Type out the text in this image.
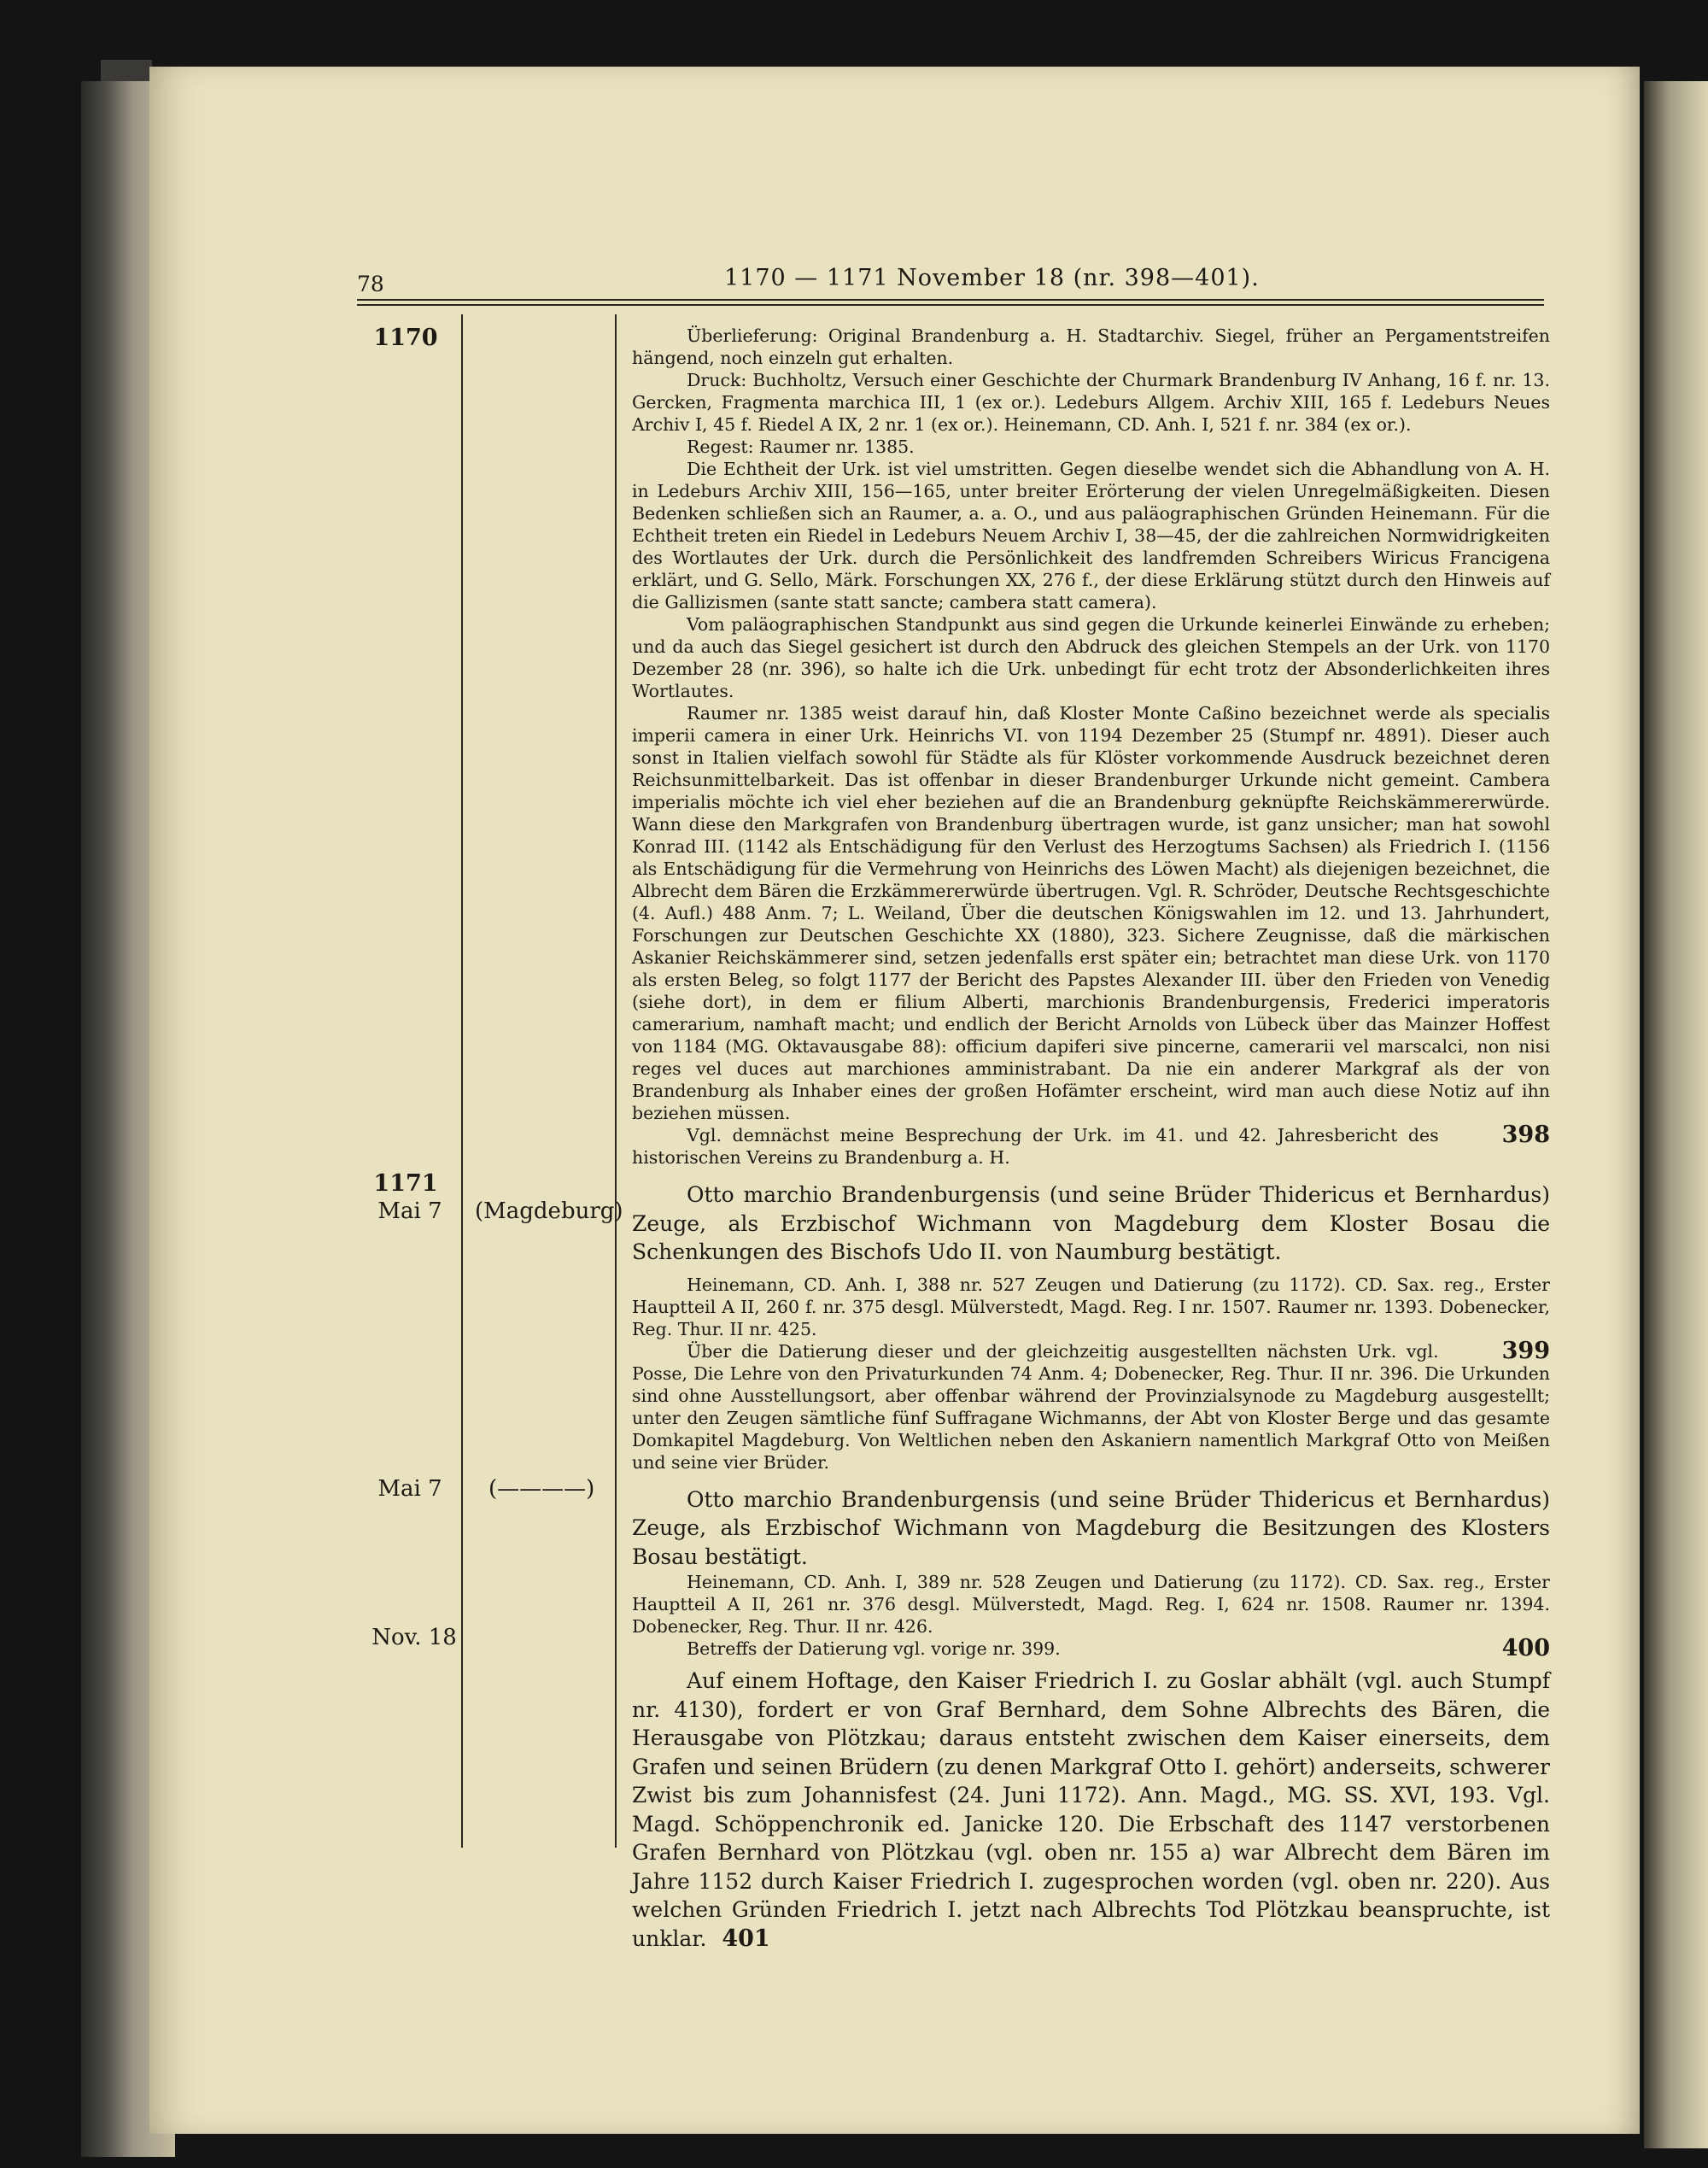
78	1170 — 1171 November 18 (nr. 398—401).
1170
1171
Mai 7	(Magdeburg)
Mai 7	(————)
Nov. 18

Überlieferung: Original Brandenburg a. H. Stadtarchiv. Siegel, früher an Pergamentstreifen hängend, noch einzeln gut erhalten.

Druck: Buchholtz, Versuch einer Geschichte der Churmark Brandenburg IV Anhang, 16 f. nr. 13. Gercken, Fragmenta marchica III, 1 (ex or.). Ledeburs Allgem. Archiv XIII, 165 f. Ledeburs Neues Archiv I, 45 f. Riedel A IX, 2 nr. 1 (ex or.). Heinemann, CD. Anh. I, 521 f. nr. 384 (ex or.).

Regest: Raumer nr. 1385.

Die Echtheit der Urk. ist viel umstritten. Gegen dieselbe wendet sich die Abhandlung von A. H. in Ledeburs Archiv XIII, 156—165, unter breiter Erörterung der vielen Unregelmäßigkeiten. Diesen Bedenken schließen sich an Raumer, a. a. O., und aus paläographischen Gründen Heinemann. Für die Echtheit treten ein Riedel in Ledeburs Neuem Archiv I, 38—45, der die zahlreichen Normwidrigkeiten des Wortlautes der Urk. durch die Persönlichkeit des landfremden Schreibers Wiricus Francigena erklärt, und G. Sello, Märk. Forschungen XX, 276 f., der diese Erklärung stützt durch den Hinweis auf die Gallizismen (sante statt sancte; cambera statt camera).

Vom paläographischen Standpunkt aus sind gegen die Urkunde keinerlei Einwände zu erheben; und da auch das Siegel gesichert ist durch den Abdruck des gleichen Stempels an der Urk. von 1170 Dezember 28 (nr. 396), so halte ich die Urk. unbedingt für echt trotz der Absonderlichkeiten ihres Wortlautes.

Raumer nr. 1385 weist darauf hin, daß Kloster Monte Caßino bezeichnet werde als specialis imperii camera in einer Urk. Heinrichs VI. von 1194 Dezember 25 (Stumpf nr. 4891). Dieser auch sonst in Italien vielfach sowohl für Städte als für Klöster vorkommende Ausdruck bezeichnet deren Reichsunmittelbarkeit. Das ist offenbar in dieser Brandenburger Urkunde nicht gemeint. Cambera imperialis möchte ich viel eher beziehen auf die an Brandenburg geknüpfte Reichskämmererwürde. Wann diese den Markgrafen von Brandenburg übertragen wurde, ist ganz unsicher; man hat sowohl Konrad III. (1142 als Entschädigung für den Verlust des Herzogtums Sachsen) als Friedrich I. (1156 als Entschädigung für die Vermehrung von Heinrichs des Löwen Macht) als diejenigen bezeichnet, die Albrecht dem Bären die Erzkämmererwürde übertrugen. Vgl. R. Schröder, Deutsche Rechtsgeschichte (4. Aufl.) 488 Anm. 7; L. Weiland, Über die deutschen Königswahlen im 12. und 13. Jahrhundert, Forschungen zur Deutschen Geschichte XX (1880), 323. Sichere Zeugnisse, daß die märkischen Askanier Reichskämmerer sind, setzen jedenfalls erst später ein; betrachtet man diese Urk. von 1170 als ersten Beleg, so folgt 1177 der Bericht des Papstes Alexander III. über den Frieden von Venedig (siehe dort), in dem er filium Alberti, marchionis Brandenburgensis, Frederici imperatoris camerarium, namhaft macht; und endlich der Bericht Arnolds von Lübeck über das Mainzer Hoffest von 1184 (MG. Oktavausgabe 88): officium dapiferi sive pincerne, camerarii vel marscalci, non nisi reges vel duces aut marchiones amministrabant. Da nie ein anderer Markgraf als der von Brandenburg als Inhaber eines der großen Hofämter erscheint, wird man auch diese Notiz auf ihn beziehen müssen.

398
Vgl. demnächst meine Besprechung der Urk. im 41. und 42. Jahresbericht des historischen Vereins zu Brandenburg a. H.

Otto marchio Brandenburgensis (und seine Brüder Thidericus et Bernhardus) Zeuge, als Erzbischof Wichmann von Magdeburg dem Kloster Bosau die Schenkungen des Bischofs Udo II. von Naumburg bestätigt.

Heinemann, CD. Anh. I, 388 nr. 527 Zeugen und Datierung (zu 1172). CD. Sax. reg., Erster Hauptteil A II, 260 f. nr. 375 desgl. Mülverstedt, Magd. Reg. I nr. 1507. Raumer nr. 1393. Dobenecker, Reg. Thur. II nr. 425.

399
Über die Datierung dieser und der gleichzeitig ausgestellten nächsten Urk. vgl. Posse, Die Lehre von den Privaturkunden 74 Anm. 4; Dobenecker, Reg. Thur. II nr. 396. Die Urkunden sind ohne Ausstellungsort, aber offenbar während der Provinzialsynode zu Magdeburg ausgestellt; unter den Zeugen sämtliche fünf Suffragane Wichmanns, der Abt von Kloster Berge und das gesamte Domkapitel Magdeburg. Von Weltlichen neben den Askaniern namentlich Markgraf Otto von Meißen und seine vier Brüder.

Otto marchio Brandenburgensis (und seine Brüder Thidericus et Bernhardus) Zeuge, als Erzbischof Wichmann von Magdeburg die Besitzungen des Klosters Bosau bestätigt.

Heinemann, CD. Anh. I, 389 nr. 528 Zeugen und Datierung (zu 1172). CD. Sax. reg., Erster Hauptteil A II, 261 nr. 376 desgl. Mülverstedt, Magd. Reg. I, 624 nr. 1508. Raumer nr. 1394. Dobenecker, Reg. Thur. II nr. 426.

400
Betreffs der Datierung vgl. vorige nr. 399.

Auf einem Hoftage, den Kaiser Friedrich I. zu Goslar abhält (vgl. auch Stumpf nr. 4130), fordert er von Graf Bernhard, dem Sohne Albrechts des Bären, die Herausgabe von Plötzkau; daraus entsteht zwischen dem Kaiser einerseits, dem Grafen und seinen Brüdern (zu denen Markgraf Otto I. gehört) anderseits, schwerer Zwist bis zum Johannisfest (24. Juni 1172). Ann. Magd., MG. SS. XVI, 193. Vgl. Magd. Schöppenchronik ed. Janicke 120. Die Erbschaft des 1147 verstorbenen Grafen Bernhard von Plötzkau (vgl. oben nr. 155 a) war Albrecht dem Bären im Jahre 1152 durch Kaiser Friedrich I. zugesprochen worden (vgl. oben nr. 220). Aus welchen Gründen Friedrich I. jetzt nach Albrechts Tod Plötzkau beanspruchte, ist unklar. 401
